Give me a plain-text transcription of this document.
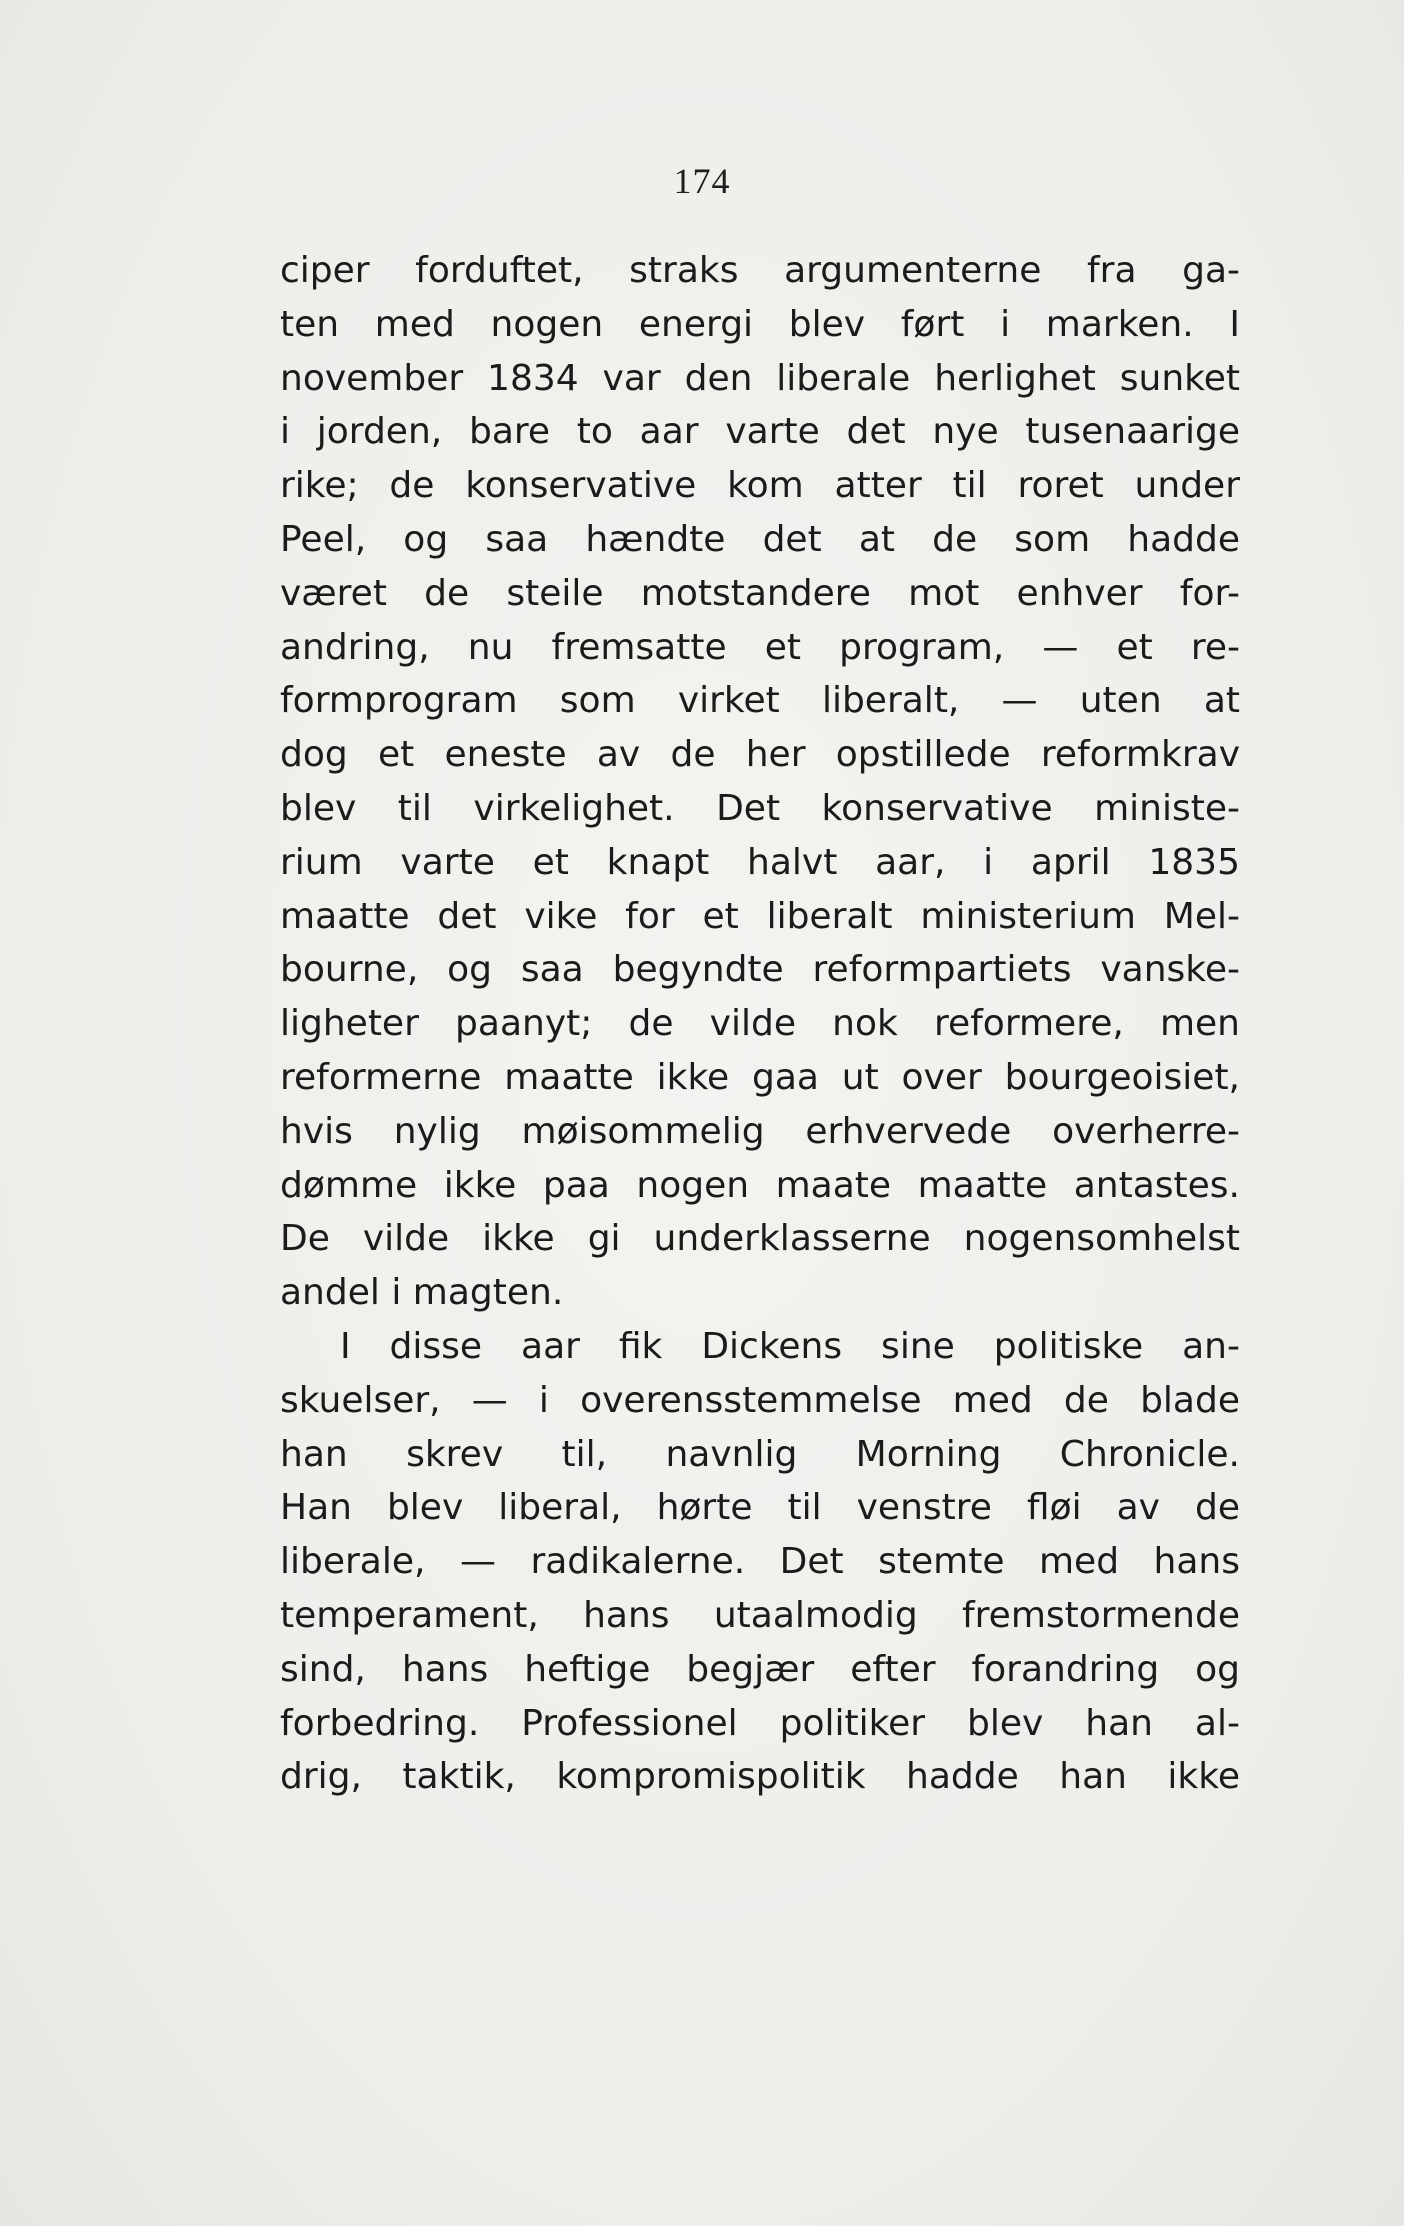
174
ciper forduftet, straks argumenterne fra ga-
ten med nogen energi blev ført i marken. I
november 1834 var den liberale herlighet sunket
i jorden, bare to aar varte det nye tusenaarige
rike; de konservative kom atter til roret under
Peel, og saa hændte det at de som hadde
været de steile motstandere mot enhver for-
andring, nu fremsatte et program, — et re-
formprogram som virket liberalt, — uten at
dog et eneste av de her opstillede reformkrav
blev til virkelighet. Det konservative ministe-
rium varte et knapt halvt aar, i april 1835
maatte det vike for et liberalt ministerium Mel-
bourne, og saa begyndte reformpartiets vanske-
ligheter paanyt; de vilde nok reformere, men
reformerne maatte ikke gaa ut over bourgeoisiet,
hvis nylig møisommelig erhvervede overherre-
dømme ikke paa nogen maate maatte antastes.
De vilde ikke gi underklasserne nogensomhelst
andel i magten.
I disse aar fik Dickens sine politiske an-
skuelser, — i overensstemmelse med de blade
han skrev til, navnlig Morning Chronicle.
Han blev liberal, hørte til venstre fløi av de
liberale, — radikalerne. Det stemte med hans
temperament, hans utaalmodig fremstormende
sind, hans heftige begjær efter forandring og
forbedring. Professionel politiker blev han al-
drig, taktik, kompromispolitik hadde han ikke
